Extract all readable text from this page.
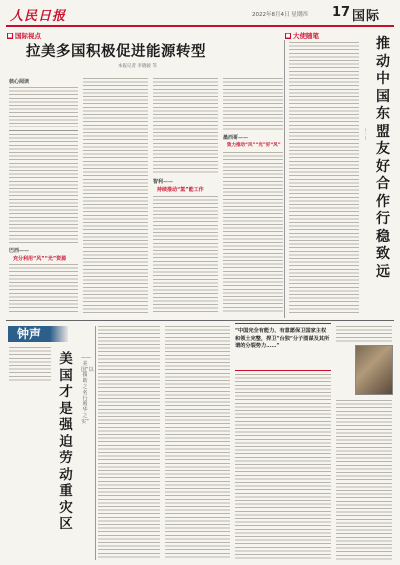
人民日报	2022年8月4日 星期四 17 国际
■ 国际视点	■ 大使随笔
拉美多国积极促进能源转型
本报记者 李晓骏 等
核心阅读
巴西——
充分利用“风”“光”资源
智利——
持续推动“氢”能工作
墨西哥——
致力推动“风”“光”好“风”
推动中国东盟友好合作行稳致远
— · —
钟声
美国才是强迫劳动重灾区
——美国“以援助之名行遏华之实”
“中国完全有能力、有意愿保卫国家主权和领土完整，捍卫“台独”分子图谋及其所谓的分裂势力……”
